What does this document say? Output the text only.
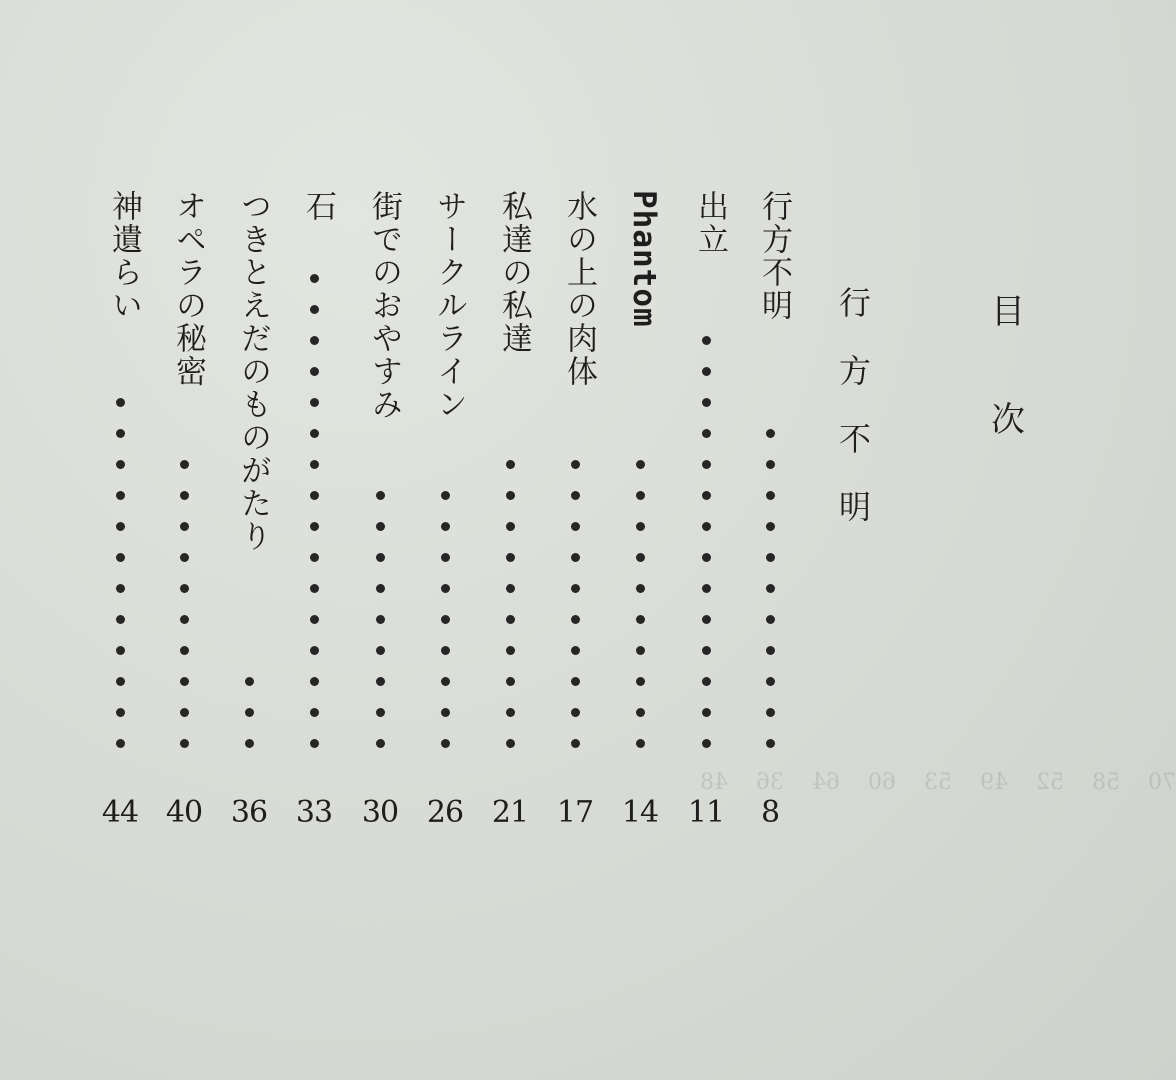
70
58
52
49
53
60
64
36
48
目
次
行
方
不
明
行方不明
8
出立
11
Phantom
14
水の上の肉体
17
私達の私達
21
サークルライン
26
街でのおやすみ
30
石
33
つきとえだのものがたり
36
オペラの秘密
40
神遺らい
44
